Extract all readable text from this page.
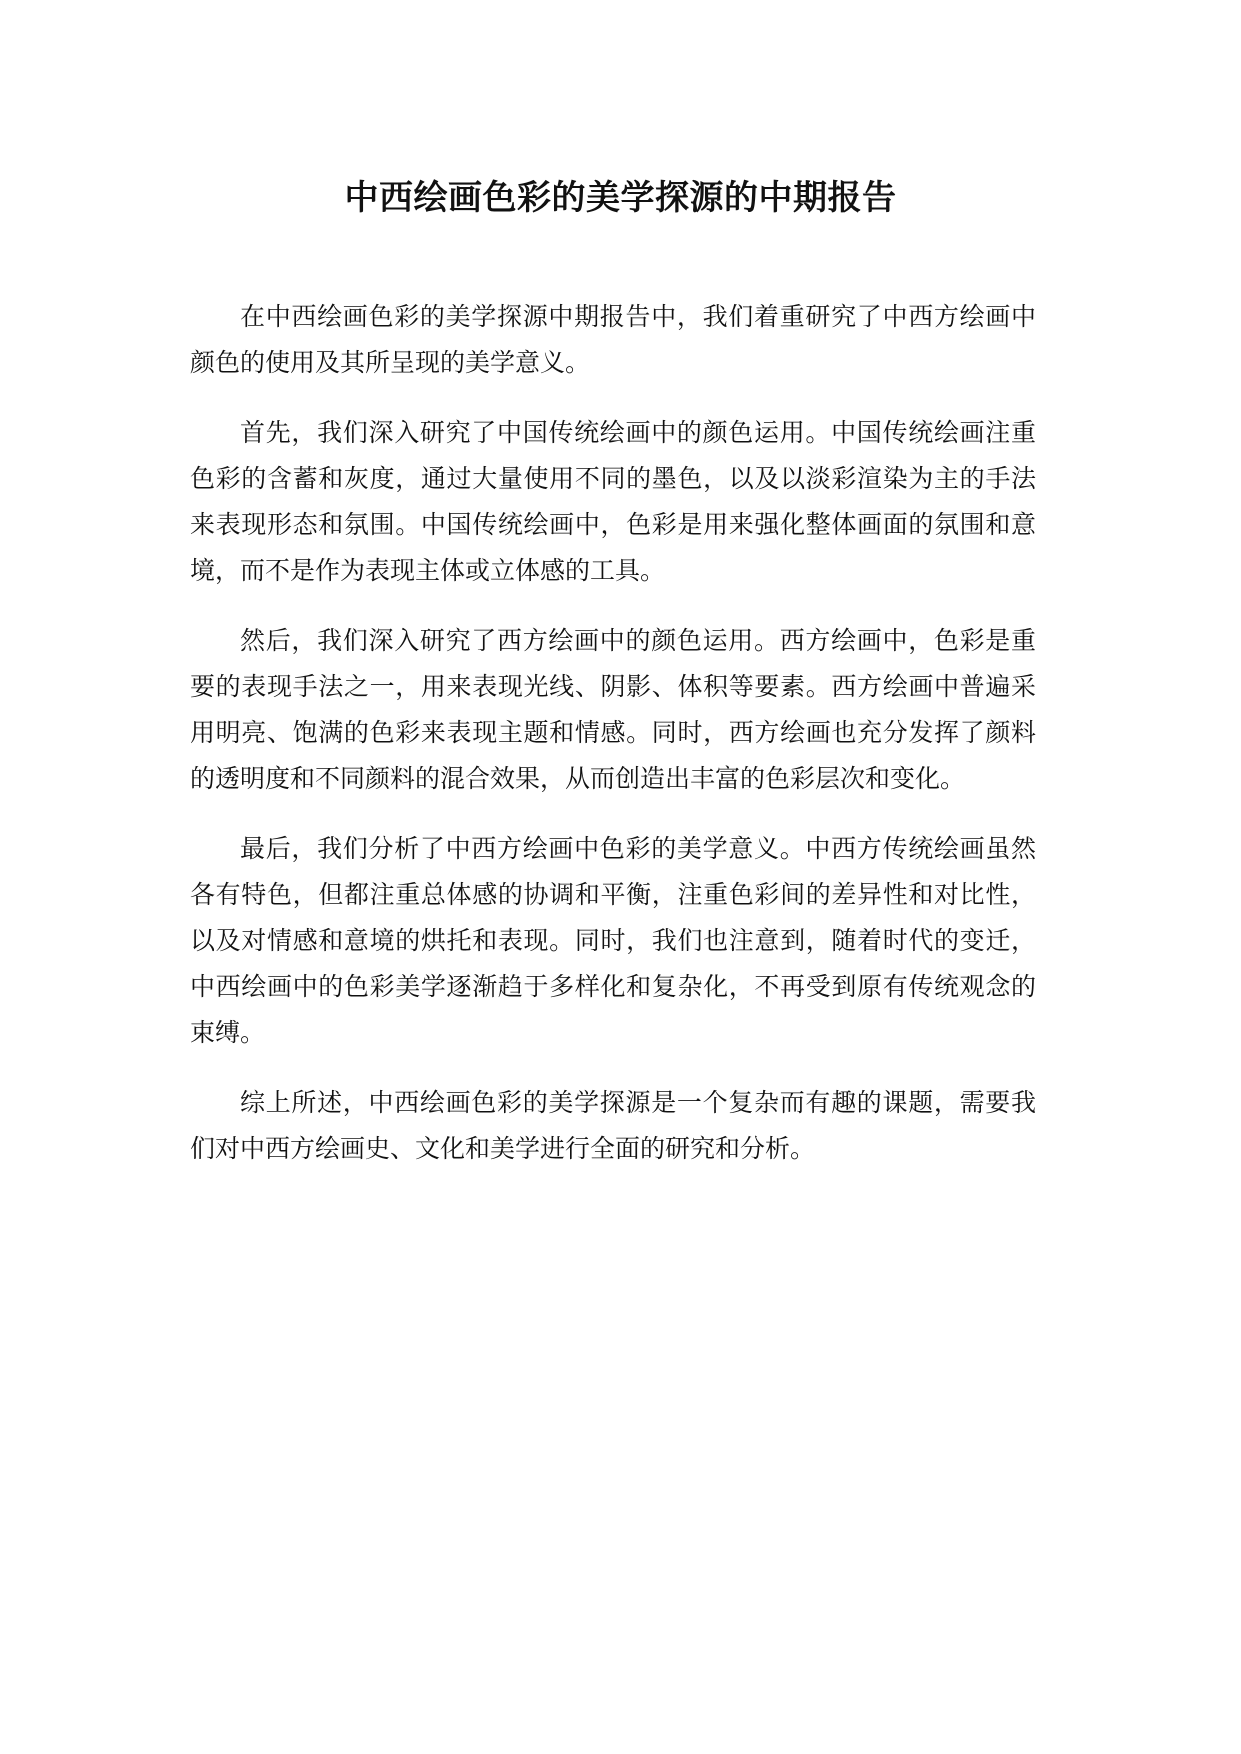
中西绘画色彩的美学探源的中期报告

在中西绘画色彩的美学探源中期报告中，我们着重研究了中西方绘画中颜色的使用及其所呈现的美学意义。

首先，我们深入研究了中国传统绘画中的颜色运用。中国传统绘画注重色彩的含蓄和灰度，通过大量使用不同的墨色，以及以淡彩渲染为主的手法来表现形态和氛围。中国传统绘画中，色彩是用来强化整体画面的氛围和意境，而不是作为表现主体或立体感的工具。

然后，我们深入研究了西方绘画中的颜色运用。西方绘画中，色彩是重要的表现手法之一，用来表现光线、阴影、体积等要素。西方绘画中普遍采用明亮、饱满的色彩来表现主题和情感。同时，西方绘画也充分发挥了颜料的透明度和不同颜料的混合效果，从而创造出丰富的色彩层次和变化。

最后，我们分析了中西方绘画中色彩的美学意义。中西方传统绘画虽然各有特色，但都注重总体感的协调和平衡，注重色彩间的差异性和对比性，以及对情感和意境的烘托和表现。同时，我们也注意到，随着时代的变迁，中西绘画中的色彩美学逐渐趋于多样化和复杂化，不再受到原有传统观念的束缚。

综上所述，中西绘画色彩的美学探源是一个复杂而有趣的课题，需要我们对中西方绘画史、文化和美学进行全面的研究和分析。
